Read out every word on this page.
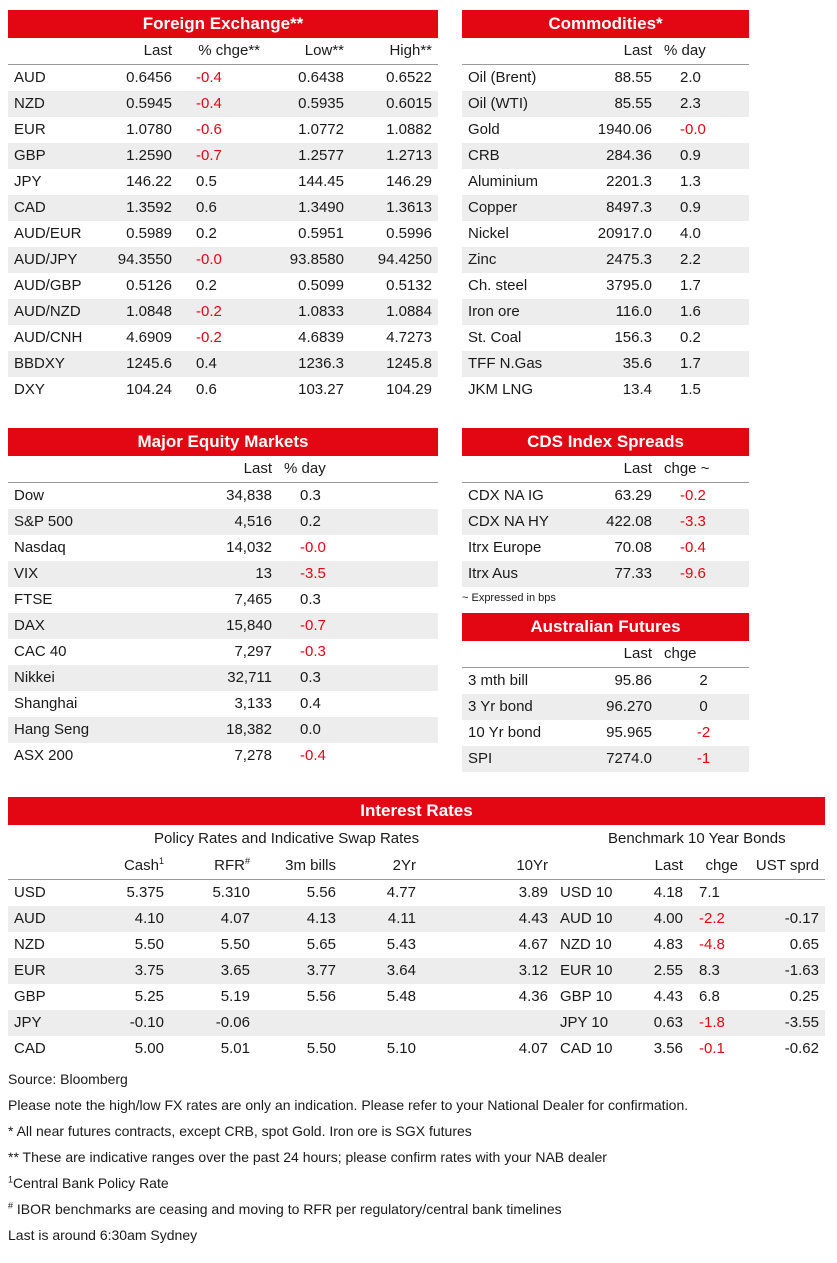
Foreign Exchange**
	Last	% chge**	Low**	High**
AUD	0.6456	-0.4	0.6438	0.6522
NZD	0.5945	-0.4	0.5935	0.6015
EUR	1.0780	-0.6	1.0772	1.0882
GBP	1.2590	-0.7	1.2577	1.2713
JPY	146.22	0.5	144.45	146.29
CAD	1.3592	0.6	1.3490	1.3613
AUD/EUR	0.5989	0.2	0.5951	0.5996
AUD/JPY	94.3550	-0.0	93.8580	94.4250
AUD/GBP	0.5126	0.2	0.5099	0.5132
AUD/NZD	1.0848	-0.2	1.0833	1.0884
AUD/CNH	4.6909	-0.2	4.6839	4.7273
BBDXY	1245.6	0.4	1236.3	1245.8
DXY	104.24	0.6	103.27	104.29
Commodities*
	Last	% day
Oil (Brent)	88.55	2.0
Oil (WTI)	85.55	2.3
Gold	1940.06	-0.0
CRB	284.36	0.9
Aluminium	2201.3	1.3
Copper	8497.3	0.9
Nickel	20917.0	4.0
Zinc	2475.3	2.2
Ch. steel	3795.0	1.7
Iron ore	116.0	1.6
St. Coal	156.3	0.2
TFF N.Gas	35.6	1.7
JKM LNG	13.4	1.5
Major Equity Markets
	Last	% day	
Dow	34,838	0.3	
S&P 500	4,516	0.2	
Nasdaq	14,032	-0.0	
VIX	13	-3.5	
FTSE	7,465	0.3	
DAX	15,840	-0.7	
CAC 40	7,297	-0.3	
Nikkei	32,711	0.3	
Shanghai	3,133	0.4	
Hang Seng	18,382	0.0	
ASX 200	7,278	-0.4	
CDS Index Spreads
	Last	chge ~
CDX NA IG	63.29	-0.2
CDX NA HY	422.08	-3.3
Itrx Europe	70.08	-0.4
Itrx Aus	77.33	-9.6
~ Expressed in bps
Australian Futures
	Last	chge
3 mth bill	95.86	2
3 Yr bond	96.270	0
10 Yr bond	95.965	-2
SPI	7274.0	-1
Interest Rates
Policy Rates and Indicative Swap Rates	Benchmark 10 Year Bonds
	Cash$^1$	RFR#	3m bills	2Yr	10Yr		Last	chge	UST sprd
USD	5.375	5.310	5.56	4.77	3.89	USD 10	4.18	7.1	
AUD	4.10	4.07	4.13	4.11	4.43	AUD 10	4.00	-2.2	-0.17
NZD	5.50	5.50	5.65	5.43	4.67	NZD 10	4.83	-4.8	0.65
EUR	3.75	3.65	3.77	3.64	3.12	EUR 10	2.55	8.3	-1.63
GBP	5.25	5.19	5.56	5.48	4.36	GBP 10	4.43	6.8	0.25
JPY	-0.10	-0.06				JPY 10	0.63	-1.8	-3.55
CAD	5.00	5.01	5.50	5.10	4.07	CAD 10	3.56	-0.1	-0.62
Source: Bloomberg
Please note the high/low FX rates are only an indication. Please refer to your National Dealer for confirmation.
* All near futures contracts, except CRB, spot Gold. Iron ore is SGX futures
** These are indicative ranges over the past 24 hours; please confirm rates with your NAB dealer
$^1$Central Bank Policy Rate
# IBOR benchmarks are ceasing and moving to RFR per regulatory/central bank timelines
Last is around 6:30am Sydney
